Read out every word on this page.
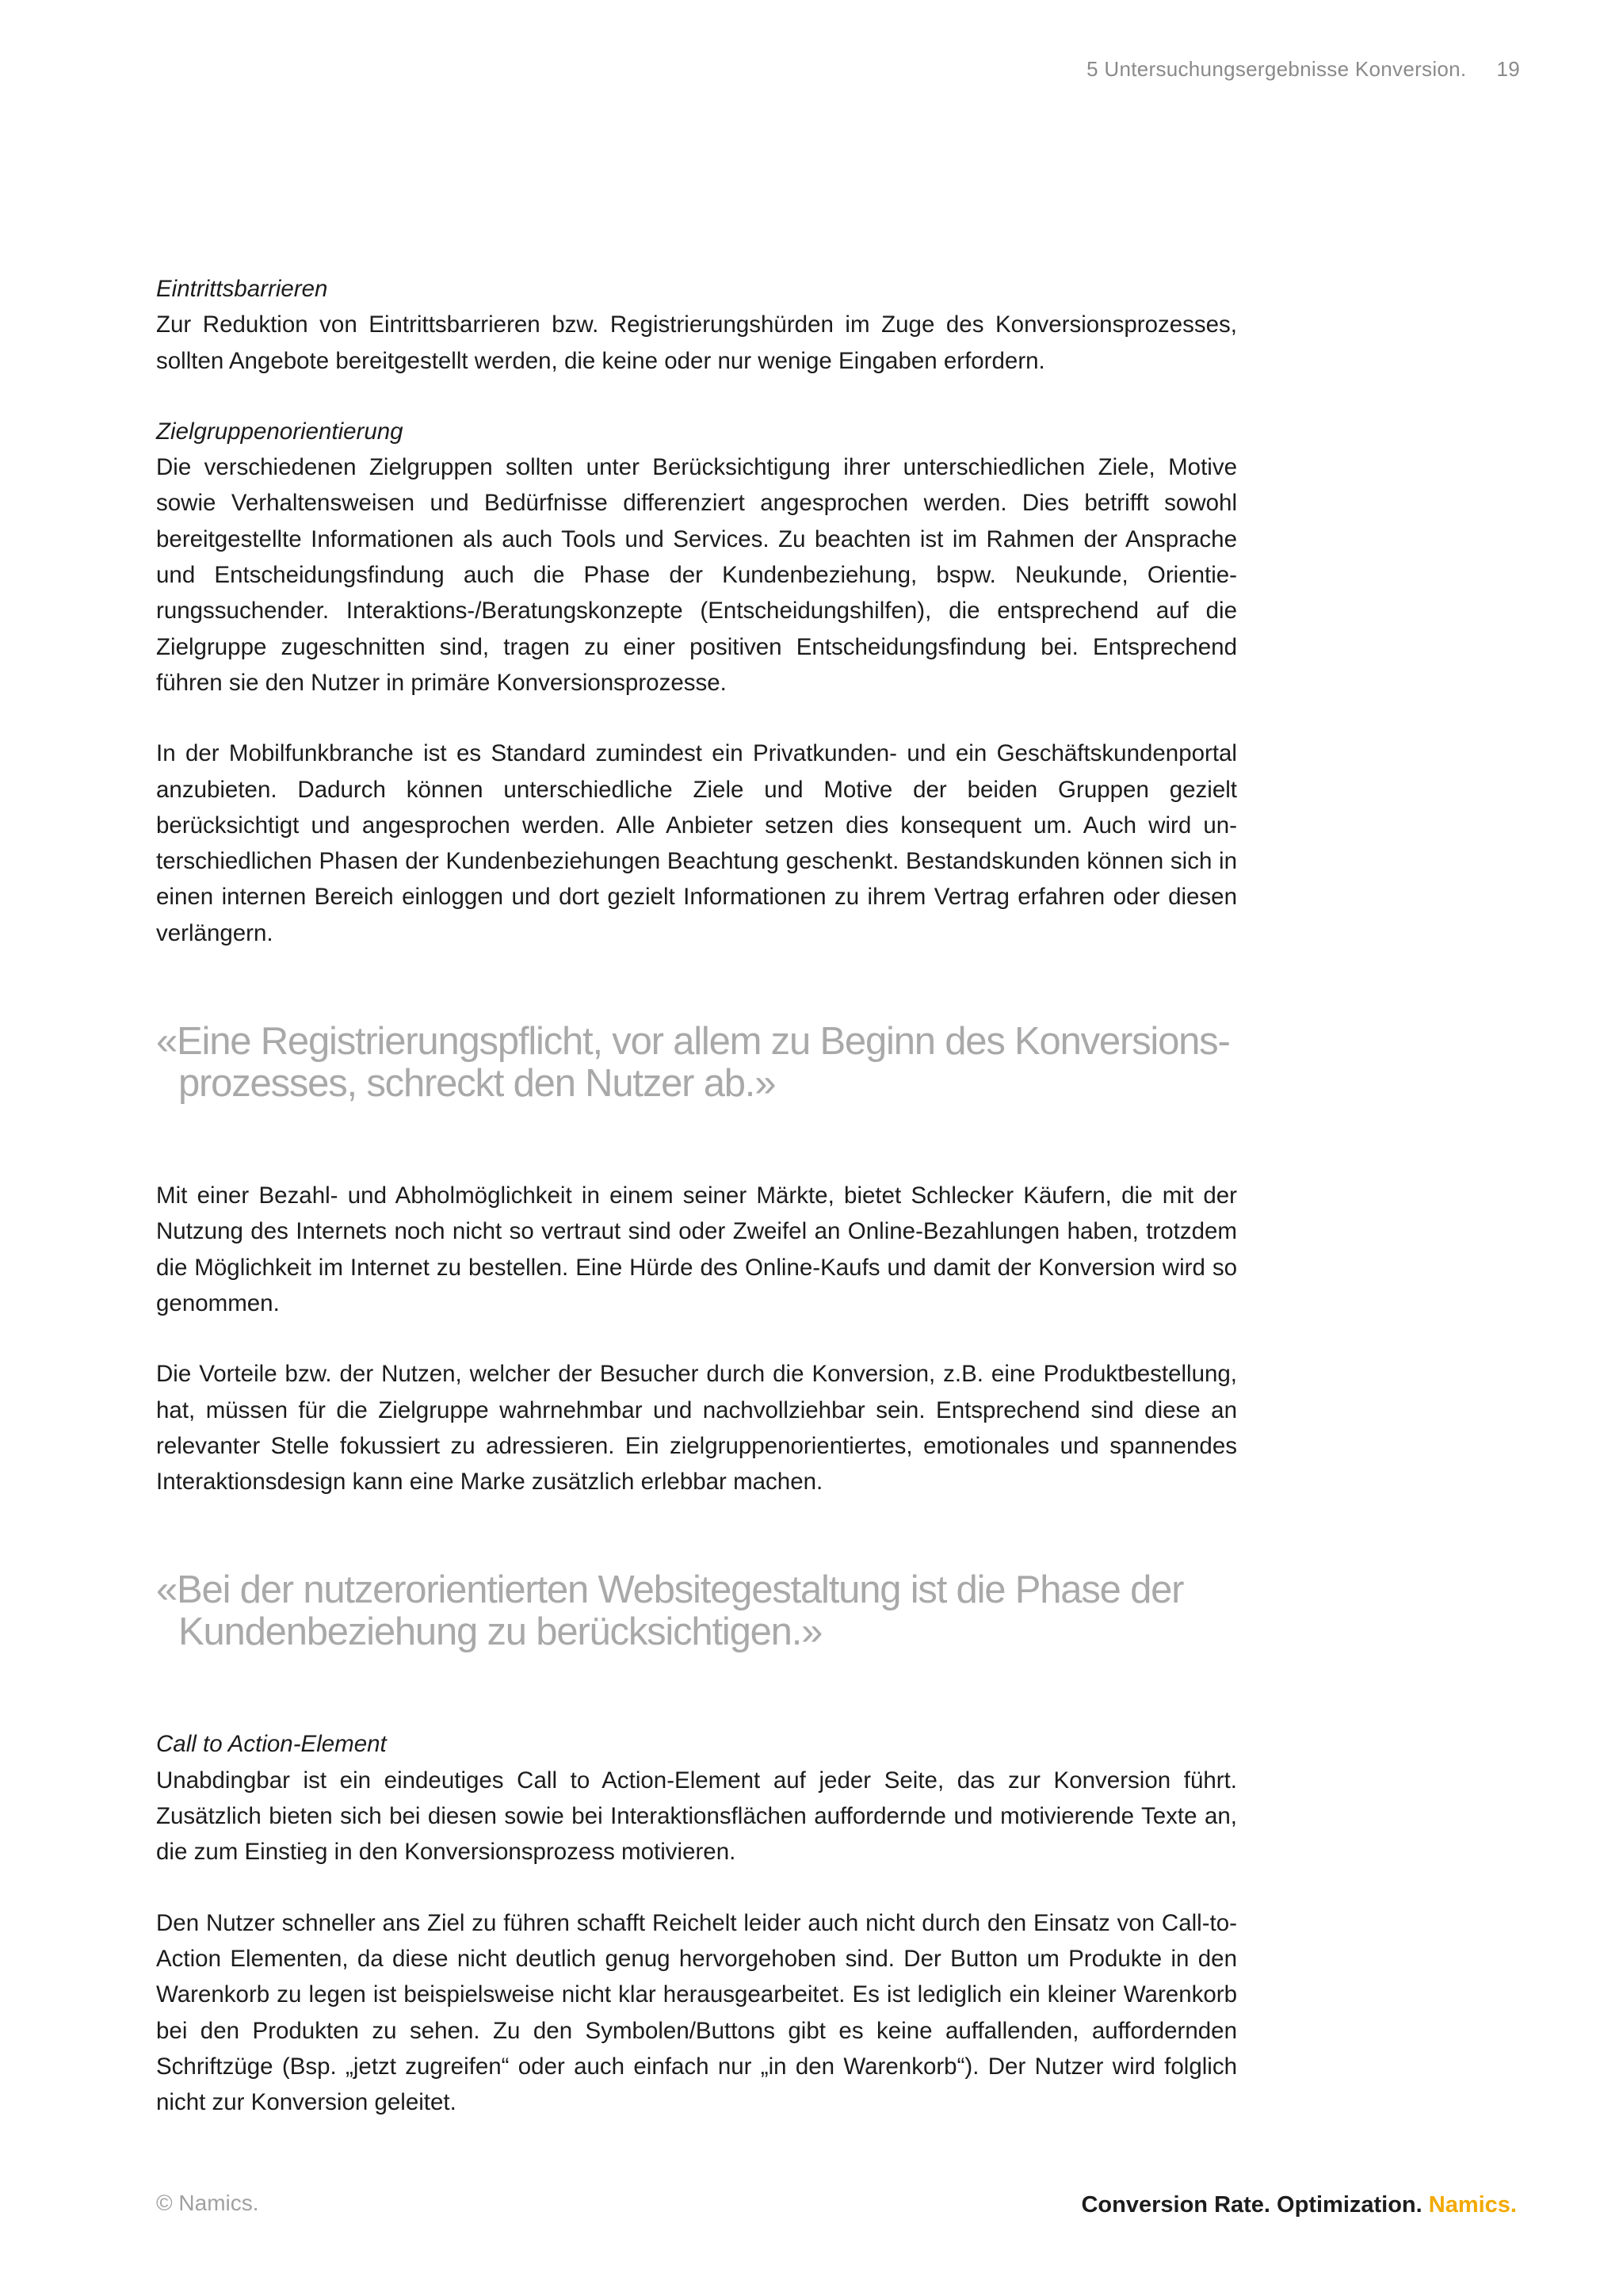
5 Untersuchungsergebnisse Konversion. 19

Eintrittsbarrieren
Zur Reduktion von Eintrittsbarrieren bzw. Registrierungshürden im Zuge des Konversionsprozesses, sollten Angebote bereitgestellt werden, die keine oder nur wenige Eingaben erfordern.

Zielgruppenorientierung
Die verschiedenen Zielgruppen sollten unter Berücksichtigung ihrer unterschiedlichen Ziele, Motive sowie Verhaltensweisen und Bedürfnisse differenziert angesprochen werden. Dies betrifft sowohl bereitgestellte Informationen als auch Tools und Services. Zu beachten ist im Rahmen der Ansprache und Entscheidungsfindung auch die Phase der Kundenbeziehung, bspw. Neukunde, Orientierungssuchender. Interaktions-/Beratungskonzepte (Entscheidungshilfen), die entsprechend auf die Zielgruppe zugeschnitten sind, tragen zu einer positiven Entscheidungsfindung bei. Entsprechend führen sie den Nutzer in primäre Konversionsprozesse.

In der Mobilfunkbranche ist es Standard zumindest ein Privatkunden- und ein Geschäftskundenportal anzubieten. Dadurch können unterschiedliche Ziele und Motive der beiden Gruppen gezielt berücksichtigt und angesprochen werden. Alle Anbieter setzen dies konsequent um. Auch wird unterschiedlichen Phasen der Kundenbeziehungen Beachtung geschenkt. Bestandskunden können sich in einen internen Bereich einloggen und dort gezielt Informationen zu ihrem Vertrag erfahren oder diesen verlängern.

«Eine Registrierungspflicht, vor allem zu Beginn des Konversionsprozesses, schreckt den Nutzer ab.»

Mit einer Bezahl- und Abholmöglichkeit in einem seiner Märkte, bietet Schlecker Käufern, die mit der Nutzung des Internets noch nicht so vertraut sind oder Zweifel an Online-Bezahlungen haben, trotzdem die Möglichkeit im Internet zu bestellen. Eine Hürde des Online-Kaufs und damit der Konversion wird so genommen.

Die Vorteile bzw. der Nutzen, welcher der Besucher durch die Konversion, z.B. eine Produktbestellung, hat, müssen für die Zielgruppe wahrnehmbar und nachvollziehbar sein. Entsprechend sind diese an relevanter Stelle fokussiert zu adressieren. Ein zielgruppenorientiertes, emotionales und spannendes Interaktionsdesign kann eine Marke zusätzlich erlebbar machen.

«Bei der nutzerorientierten Websitegestaltung ist die Phase der Kundenbeziehung zu berücksichtigen.»

Call to Action-Element
Unabdingbar ist ein eindeutiges Call to Action-Element auf jeder Seite, das zur Konversion führt. Zusätzlich bieten sich bei diesen sowie bei Interaktionsflächen auffordernde und motivierende Texte an, die zum Einstieg in den Konversionsprozess motivieren.

Den Nutzer schneller ans Ziel zu führen schafft Reichelt leider auch nicht durch den Einsatz von Call-to-Action Elementen, da diese nicht deutlich genug hervorgehoben sind. Der Button um Produkte in den Warenkorb zu legen ist beispielsweise nicht klar herausgearbeitet. Es ist lediglich ein kleiner Warenkorb bei den Produkten zu sehen. Zu den Symbolen/Buttons gibt es keine auffallenden, auffordernden Schriftzüge (Bsp. „jetzt zugreifen“ oder auch einfach nur „in den Warenkorb“). Der Nutzer wird folglich nicht zur Konversion geleitet.

© Namics.	Conversion Rate. Optimization. Namics.
